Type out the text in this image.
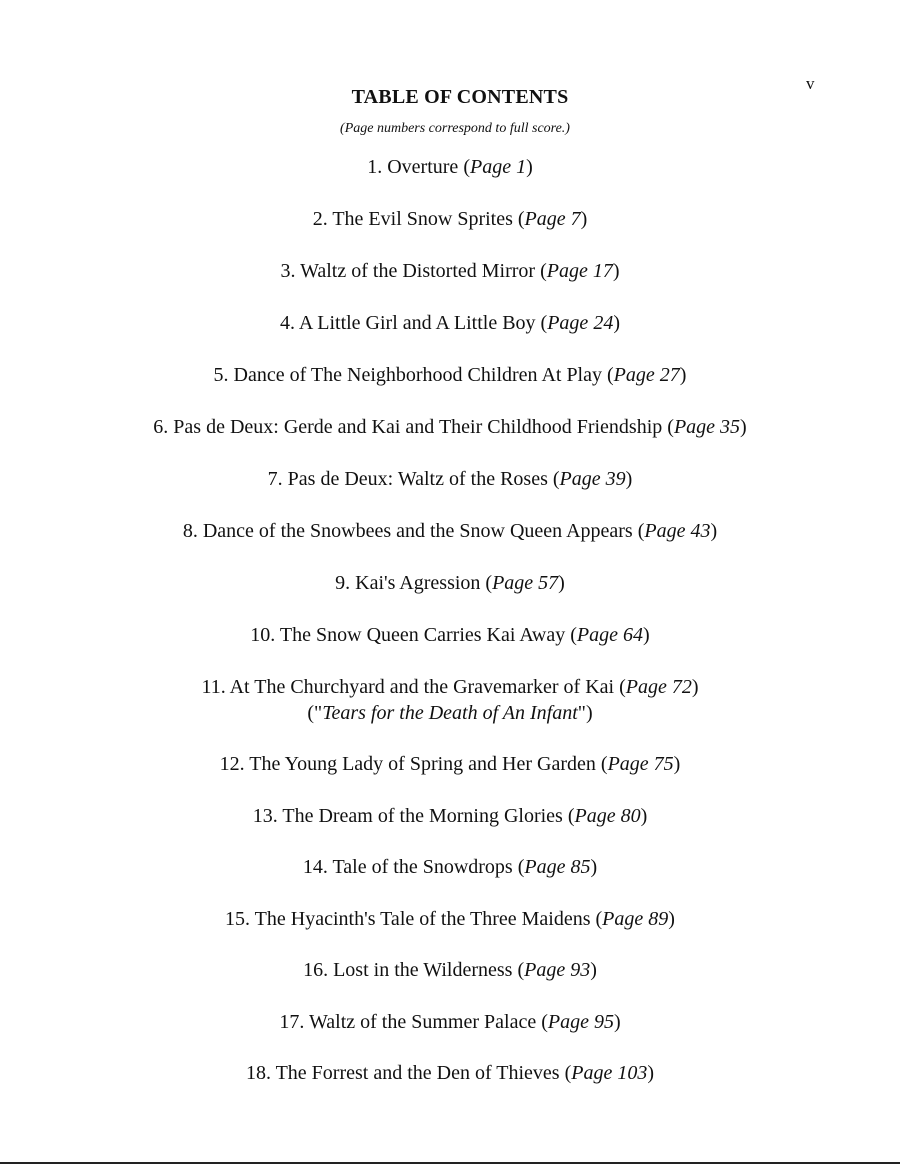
v
TABLE OF CONTENTS
(Page numbers correspond to full score.)
1. Overture (Page 1)
2. The Evil Snow Sprites (Page 7)
3. Waltz of the Distorted Mirror (Page 17)
4. A Little Girl and A Little Boy (Page 24)
5. Dance of The Neighborhood Children At Play (Page 27)
6. Pas de Deux: Gerde and Kai and Their Childhood Friendship (Page 35)
7. Pas de Deux: Waltz of the Roses (Page 39)
8. Dance of the Snowbees and the Snow Queen Appears (Page 43)
9. Kai's Agression (Page 57)
10. The Snow Queen Carries Kai Away (Page 64)
11. At The Churchyard and the Gravemarker of Kai (Page 72)
("Tears for the Death of An Infant")
12. The Young Lady of Spring and Her Garden (Page 75)
13. The Dream of the Morning Glories (Page 80)
14. Tale of the Snowdrops (Page 85)
15. The Hyacinth's Tale of the Three Maidens (Page 89)
16. Lost in the Wilderness (Page 93)
17. Waltz of the Summer Palace (Page 95)
18. The Forrest and the Den of Thieves (Page 103)
